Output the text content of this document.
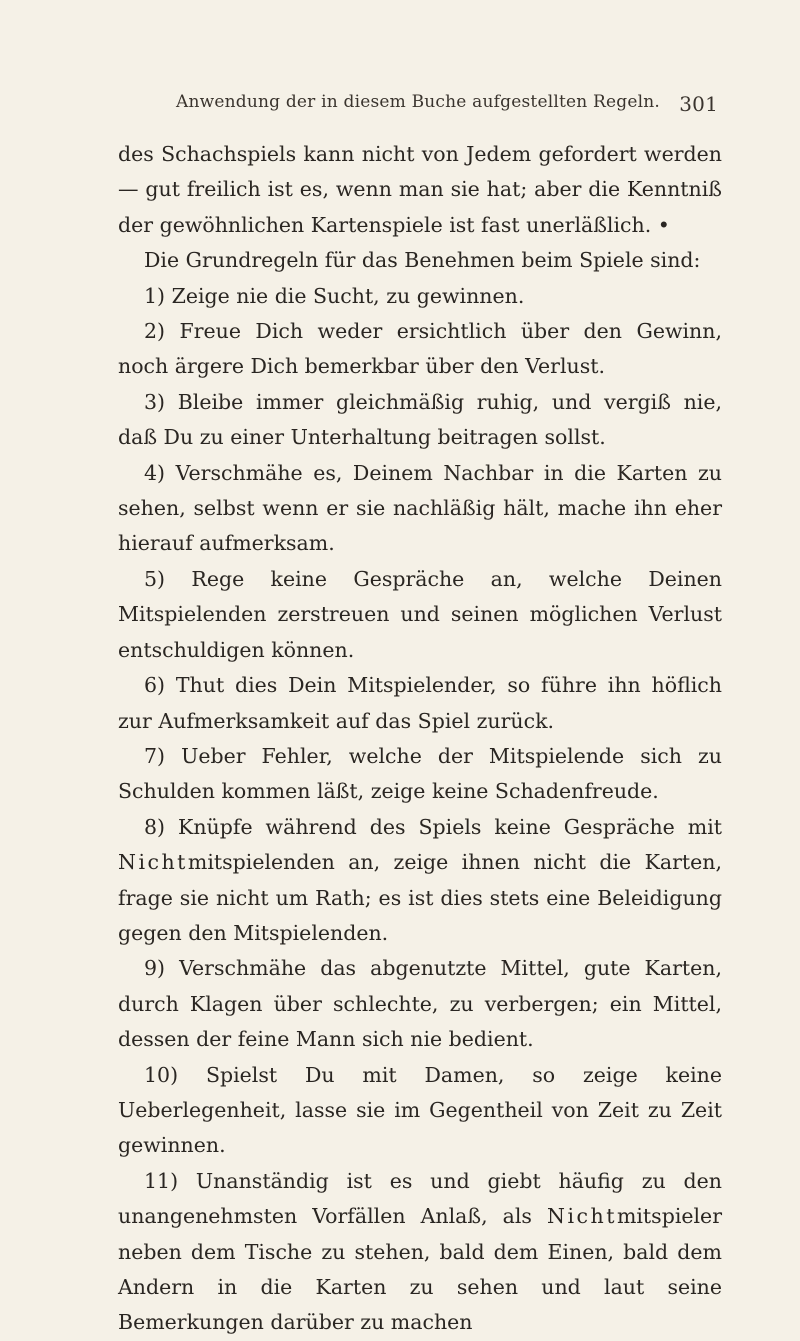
Anwendung der in diesem Buche aufgestellten Regeln. 301

des Schachspiels kann nicht von Jedem gefordert werden — gut freilich ist es, wenn man sie hat; aber die Kenntniß der gewöhnlichen Kartenspiele ist fast unerläßlich. •

Die Grundregeln für das Benehmen beim Spiele sind:

1) Zeige nie die Sucht, zu gewinnen.

2) Freue Dich weder ersichtlich über den Gewinn, noch ärgere Dich bemerkbar über den Verlust.

3) Bleibe immer gleichmäßig ruhig, und vergiß nie, daß Du zu einer Unterhaltung beitragen sollst.

4) Verschmähe es, Deinem Nachbar in die Karten zu sehen, selbst wenn er sie nachläßig hält, mache ihn eher hierauf aufmerksam.

5) Rege keine Gespräche an, welche Deinen Mitspielenden zerstreuen und seinen möglichen Verlust entschuldigen können.

6) Thut dies Dein Mitspielender, so führe ihn höflich zur Aufmerksamkeit auf das Spiel zurück.

7) Ueber Fehler, welche der Mitspielende sich zu Schulden kommen läßt, zeige keine Schadenfreude.

8) Knüpfe während des Spiels keine Gespräche mit Nichtmitspielenden an, zeige ihnen nicht die Karten, frage sie nicht um Rath; es ist dies stets eine Beleidigung gegen den Mitspielenden.

9) Verschmähe das abgenutzte Mittel, gute Karten, durch Klagen über schlechte, zu verbergen; ein Mittel, dessen der feine Mann sich nie bedient.

10) Spielst Du mit Damen, so zeige keine Ueberlegenheit, lasse sie im Gegentheil von Zeit zu Zeit gewinnen.

11) Unanständig ist es und giebt häufig zu den unangenehmsten Vorfällen Anlaß, als Nichtmitspieler neben dem Tische zu stehen, bald dem Einen, bald dem Andern in die Karten zu sehen und laut seine Bemerkungen darüber zu machen
